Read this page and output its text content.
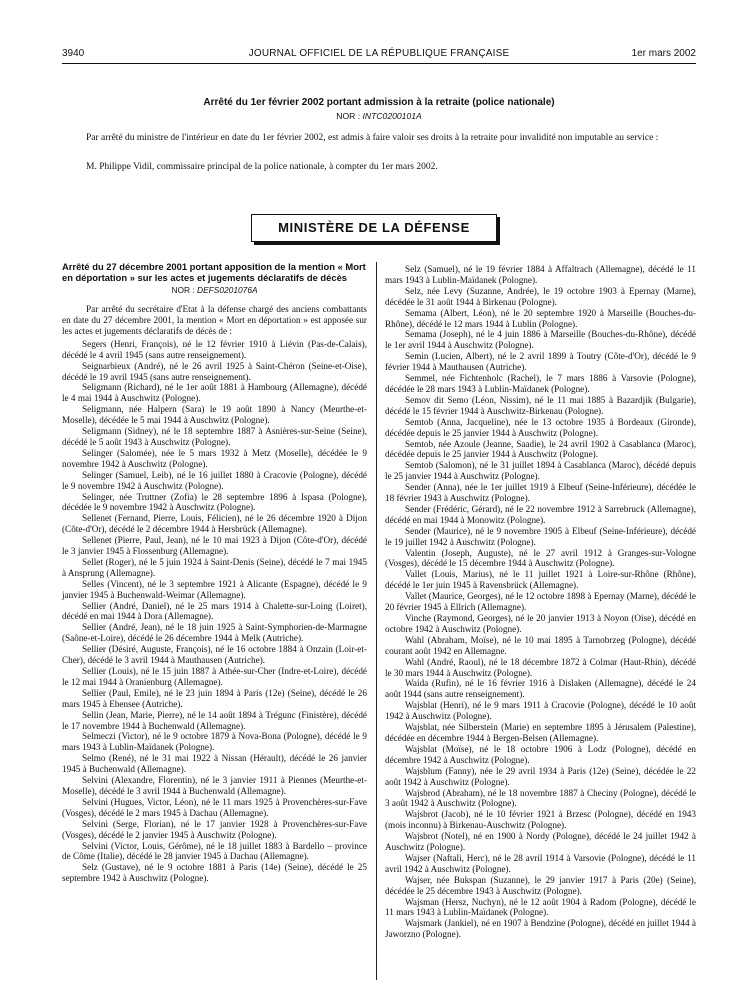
3940	JOURNAL OFFICIEL DE LA RÉPUBLIQUE FRANÇAISE	1er mars 2002
Arrêté du 1er février 2002 portant admission à la retraite (police nationale)
NOR : INTC0200101A
Par arrêté du ministre de l'intérieur en date du 1er février 2002, est admis à faire valoir ses droits à la retraite pour invalidité non imputable au service :
M. Philippe Vidil, commissaire principal de la police nationale, à compter du 1er mars 2002.
MINISTÈRE DE LA DÉFENSE

Arrêté du 27 décembre 2001 portant apposition de la mention « Mort en déportation » sur les actes et jugements déclaratifs de décès

NOR : DEFS0201076A

Par arrêté du secrétaire d'Etat à la défense chargé des anciens combattants en date du 27 décembre 2001, la mention « Mort en déportation » est apposée sur les actes et jugements déclaratifs de décès de :

Segers (Henri, François), né le 12 février 1910 à Liévin (Pas-de-Calais), décédé le 4 avril 1945 (sans autre renseignement).

Seignarbieux (André), né le 26 avril 1925 à Saint-Chéron (Seine-et-Oise), décédé le 19 avril 1945 (sans autre renseignement).

Seligmann (Richard), né le 1er août 1881 à Hambourg (Allemagne), décédé le 4 mai 1944 à Auschwitz (Pologne).

Seligmann, née Halpern (Sara) le 19 août 1890 à Nancy (Meurthe-et-Moselle), décédée le 5 mai 1944 à Auschwitz (Pologne).

Seligmann (Sidney), né le 18 septembre 1887 à Asnières-sur-Seine (Seine), décédé le 5 août 1943 à Auschwitz (Pologne).

Selinger (Salomée), née le 5 mars 1932 à Metz (Moselle), décédée le 9 novembre 1942 à Auschwitz (Pologne).

Selinger (Samuel, Leib), né le 16 juillet 1880 à Cracovie (Pologne), décédé le 9 novembre 1942 à Auschwitz (Pologne).

Selinger, née Truttner (Zofia) le 28 septembre 1896 à Ispasa (Pologne), décédée le 9 novembre 1942 à Auschwitz (Pologne).

Sellenet (Fernand, Pierre, Louis, Félicien), né le 26 décembre 1920 à Dijon (Côte-d'Or), décédé le 2 décembre 1944 à Hersbrück (Allemagne).

Sellenet (Pierre, Paul, Jean), né le 10 mai 1923 à Dijon (Côte-d'Or), décédé le 3 janvier 1945 à Flossenburg (Allemagne).

Sellet (Roger), né le 5 juin 1924 à Saint-Denis (Seine), décédé le 7 mai 1945 à Ansprung (Allemagne).

Selles (Vincent), né le 3 septembre 1921 à Alicante (Espagne), décédé le 9 janvier 1945 à Buchenwald-Weimar (Allemagne).

Sellier (André, Daniel), né le 25 mars 1914 à Chalette-sur-Loing (Loiret), décédé en mai 1944 à Dora (Allemagne).

Sellier (André, Jean), né le 18 juin 1925 à Saint-Symphorien-de-Marmagne (Saône-et-Loire), décédé le 26 décembre 1944 à Melk (Autriche).

Sellier (Désiré, Auguste, François), né le 16 octobre 1884 à Onzain (Loir-et-Cher), décédé le 3 avril 1944 à Mauthausen (Autriche).

Sellier (Louis), né le 15 juin 1887 à Athée-sur-Cher (Indre-et-Loire), décédé le 12 mai 1944 à Oranienburg (Allemagne).

Sellier (Paul, Emile), né le 23 juin 1894 à Paris (12e) (Seine), décédé le 26 mars 1945 à Ebensee (Autriche).

Sellin (Jean, Marie, Pierre), né le 14 août 1894 à Trégunc (Finistère), décédé le 17 novembre 1944 à Buchenwald (Allemagne).

Selmeczi (Victor), né le 9 octobre 1879 à Nova-Bona (Pologne), décédé le 9 mars 1943 à Lublin-Maïdanek (Pologne).

Selmo (René), né le 31 mai 1922 à Nissan (Hérault), décédé le 26 janvier 1945 à Buchenwald (Allemagne).

Selvini (Alexandre, Florentin), né le 3 janvier 1911 à Piennes (Meurthe-et-Moselle), décédé le 3 avril 1944 à Buchenwald (Allemagne).

Selvini (Hugues, Victor, Léon), né le 11 mars 1925 à Provenchères-sur-Fave (Vosges), décédé le 2 mars 1945 à Dachau (Allemagne).

Selvini (Serge, Florian), né le 17 janvier 1928 à Provenchères-sur-Fave (Vosges), décédé le 2 janvier 1945 à Auschwitz (Pologne).

Selvini (Victor, Louis, Gérôme), né le 18 juillet 1883 à Bardello – province de Côme (Italie), décédé le 28 janvier 1945 à Dachau (Allemagne).

Selz (Gustave), né le 9 octobre 1881 à Paris (14e) (Seine), décédé le 25 septembre 1942 à Auschwitz (Pologne).

Selz (Samuel), né le 19 février 1884 à Affaltrach (Allemagne), décédé le 11 mars 1943 à Lublin-Maïdanek (Pologne).

Selz, née Levy (Suzanne, Andrée), le 19 octobre 1903 à Epernay (Marne), décédée le 31 août 1944 à Birkenau (Pologne).

Semama (Albert, Léon), né le 20 septembre 1920 à Marseille (Bouches-du-Rhône), décédé le 12 mars 1944 à Lublin (Pologne).

Semama (Joseph), né le 4 juin 1886 à Marseille (Bouches-du-Rhône), décédé le 1er avril 1944 à Auschwitz (Pologne).

Semin (Lucien, Albert), né le 2 avril 1899 à Toutry (Côte-d'Or), décédé le 9 février 1944 à Mauthausen (Autriche).

Semmel, née Fichtenholc (Rachel), le 7 mars 1886 à Varsovie (Pologne), décédée le 28 mars 1943 à Lublin-Maïdanek (Pologne).

Semov dit Semo (Léon, Nissim), né le 11 mai 1885 à Bazardjik (Bulgarie), décédé le 15 février 1944 à Auschwitz-Birkenau (Pologne).

Semtob (Anna, Jacqueline), née le 13 octobre 1935 à Bordeaux (Gironde), décédée depuis le 25 janvier 1944 à Auschwitz (Pologne).

Semtob, née Azoule (Jeanne, Saadie), le 24 avril 1902 à Casablanca (Maroc), décédée depuis le 25 janvier 1944 à Auschwitz (Pologne).

Semtob (Salomon), né le 31 juillet 1894 à Casablanca (Maroc), décédé depuis le 25 janvier 1944 à Auschwitz (Pologne).

Sender (Anna), née le 1er juillet 1919 à Elbeuf (Seine-Inférieure), décédée le 18 février 1943 à Auschwitz (Pologne).

Sender (Frédéric, Gérard), né le 22 novembre 1912 à Sarrebruck (Allemagne), décédé en mai 1944 à Monowitz (Pologne).

Sender (Maurice), né le 9 novembre 1905 à Elbeuf (Seine-Inférieure), décédé le 19 juillet 1942 à Auschwitz (Pologne).

Valentin (Joseph, Auguste), né le 27 avril 1912 à Granges-sur-Vologne (Vosges), décédé le 15 décembre 1944 à Auschwitz (Pologne).

Vallet (Louis, Marius), né le 11 juillet 1921 à Loire-sur-Rhône (Rhône), décédé le 1er juin 1945 à Ravensbrück (Allemagne).

Vallet (Maurice, Georges), né le 12 octobre 1898 à Epernay (Marne), décédé le 20 février 1945 à Ellrich (Allemagne).

Vinche (Raymond, Georges), né le 20 janvier 1913 à Noyon (Oise), décédé en octobre 1942 à Auschwitz (Pologne).

Wahl (Abraham, Moïse), né le 10 mai 1895 à Tarnobrzeg (Pologne), décédé courant août 1942 en Allemagne.

Wahl (André, Raoul), né le 18 décembre 1872 à Colmar (Haut-Rhin), décédé le 30 mars 1944 à Auschwitz (Pologne).

Waida (Rufin), né le 16 février 1916 à Dislaken (Allemagne), décédé le 24 août 1944 (sans autre renseignement).

Wajsblat (Henri), né le 9 mars 1911 à Cracovie (Pologne), décédé le 10 août 1942 à Auschwitz (Pologne).

Wajsblat, née Silberstein (Marie) en septembre 1895 à Jérusalem (Palestine), décédée en décembre 1944 à Bergen-Belsen (Allemagne).

Wajsblat (Moïse), né le 18 octobre 1906 à Lodz (Pologne), décédé en décembre 1942 à Auschwitz (Pologne).

Wajsblum (Fanny), née le 29 avril 1934 à Paris (12e) (Seine), décédée le 22 août 1942 à Auschwitz (Pologne).

Wajsbrod (Abraham), né le 18 novembre 1887 à Checiny (Pologne), décédé le 3 août 1942 à Auschwitz (Pologne).

Wajsbrot (Jacob), né le 10 février 1921 à Brzesc (Pologne), décédé en 1943 (mois inconnu) à Birkenau-Auschwitz (Pologne).

Wajsbrot (Notel), né en 1900 à Nordy (Pologne), décédé le 24 juillet 1942 à Auschwitz (Pologne).

Wajser (Naftali, Herc), né le 28 avril 1914 à Varsovie (Pologne), décédé le 11 avril 1942 à Auschwitz (Pologne).

Wajser, née Bukspan (Suzanne), le 29 janvier 1917 à Paris (20e) (Seine), décédée le 25 décembre 1943 à Auschwitz (Pologne).

Wajsman (Hersz, Nuchyn), né le 12 août 1904 à Radom (Pologne), décédé le 11 mars 1943 à Lublin-Maïdanek (Pologne).

Wajsmark (Jankiel), né en 1907 à Bendzine (Pologne), décédé en juillet 1944 à Jaworzno (Pologne).
